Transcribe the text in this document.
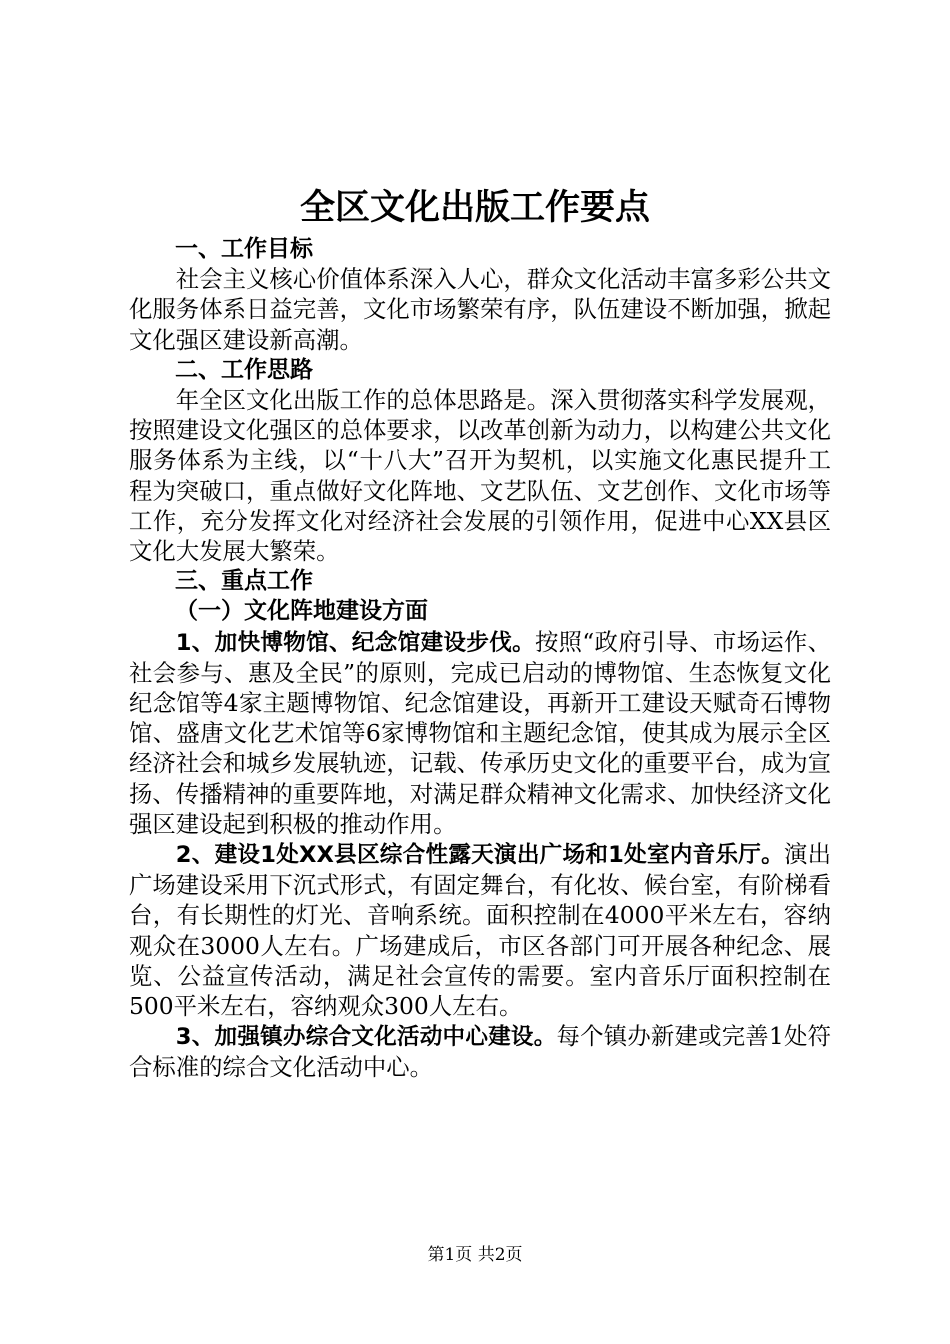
全区文化出版工作要点

一、工作目标

社会主义核心价值体系深入人心，群众文化活动丰富多彩公共文化服务体系日益完善，文化市场繁荣有序，队伍建设不断加强，掀起文化强区建设新高潮。

二、工作思路

年全区文化出版工作的总体思路是。深入贯彻落实科学发展观，按照建设文化强区的总体要求，以改革创新为动力，以构建公共文化服务体系为主线，以“十八大”召开为契机，以实施文化惠民提升工程为突破口，重点做好文化阵地、文艺队伍、文艺创作、文化市场等工作，充分发挥文化对经济社会发展的引领作用，促进中心XX县区文化大发展大繁荣。

三、重点工作

（一）文化阵地建设方面

1、加快博物馆、纪念馆建设步伐。按照“政府引导、市场运作、社会参与、惠及全民”的原则，完成已启动的博物馆、生态恢复文化纪念馆等4家主题博物馆、纪念馆建设，再新开工建设天赋奇石博物馆、盛唐文化艺术馆等6家博物馆和主题纪念馆，使其成为展示全区经济社会和城乡发展轨迹，记载、传承历史文化的重要平台，成为宣扬、传播精神的重要阵地，对满足群众精神文化需求、加快经济文化强区建设起到积极的推动作用。

2、建设1处XX县区综合性露天演出广场和1处室内音乐厅。演出广场建设采用下沉式形式，有固定舞台，有化妆、候台室，有阶梯看台，有长期性的灯光、音响系统。面积控制在4000平米左右，容纳观众在3000人左右。广场建成后，市区各部门可开展各种纪念、展览、公益宣传活动，满足社会宣传的需要。室内音乐厅面积控制在500平米左右，容纳观众300人左右。

3、加强镇办综合文化活动中心建设。每个镇办新建或完善1处符合标准的综合文化活动中心。

第1页 共2页
